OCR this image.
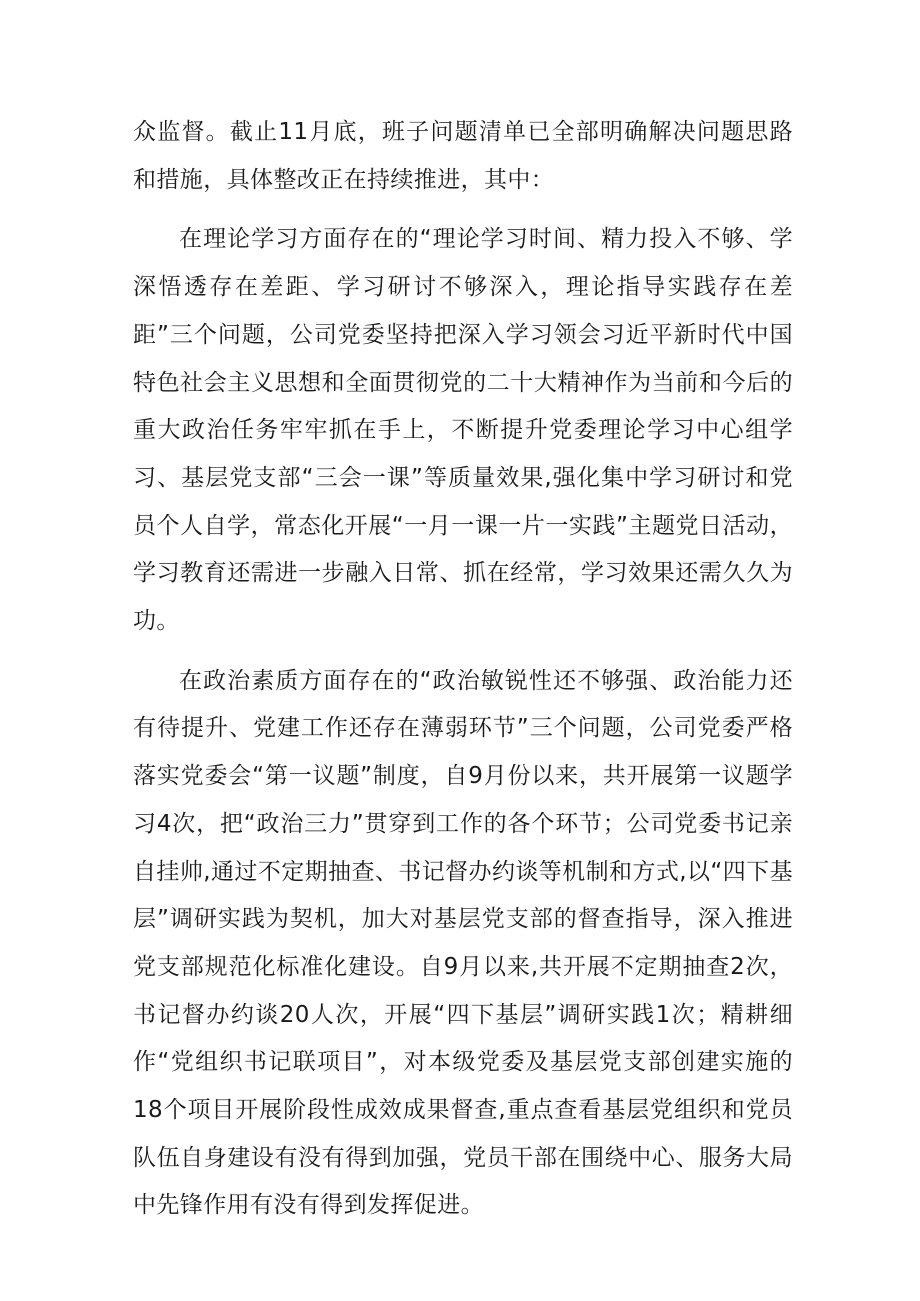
众监督。截止11月底，班子问题清单已全部明确解决问题思路和措施，具体整改正在持续推进，其中：

在理论学习方面存在的“理论学习时间、精力投入不够、学深悟透存在差距、学习研讨不够深入，理论指导实践存在差距”三个问题，公司党委坚持把深入学习领会习近平新时代中国特色社会主义思想和全面贯彻党的二十大精神作为当前和今后的重大政治任务牢牢抓在手上，不断提升党委理论学习中心组学习、基层党支部“三会一课”等质量效果,强化集中学习研讨和党员个人自学，常态化开展“一月一课一片一实践”主题党日活动，学习教育还需进一步融入日常、抓在经常，学习效果还需久久为功。

在政治素质方面存在的“政治敏锐性还不够强、政治能力还有待提升、党建工作还存在薄弱环节”三个问题，公司党委严格落实党委会“第一议题”制度，自9月份以来，共开展第一议题学习4次，把“政治三力”贯穿到工作的各个环节；公司党委书记亲自挂帅,通过不定期抽查、书记督办约谈等机制和方式,以“四下基层”调研实践为契机，加大对基层党支部的督查指导，深入推进党支部规范化标准化建设。自9月以来,共开展不定期抽查2次，书记督办约谈20人次，开展“四下基层”调研实践1次；精耕细作“党组织书记联项目”，对本级党委及基层党支部创建实施的18个项目开展阶段性成效成果督查,重点查看基层党组织和党员队伍自身建设有没有得到加强，党员干部在围绕中心、服务大局中先锋作用有没有得到发挥促进。
